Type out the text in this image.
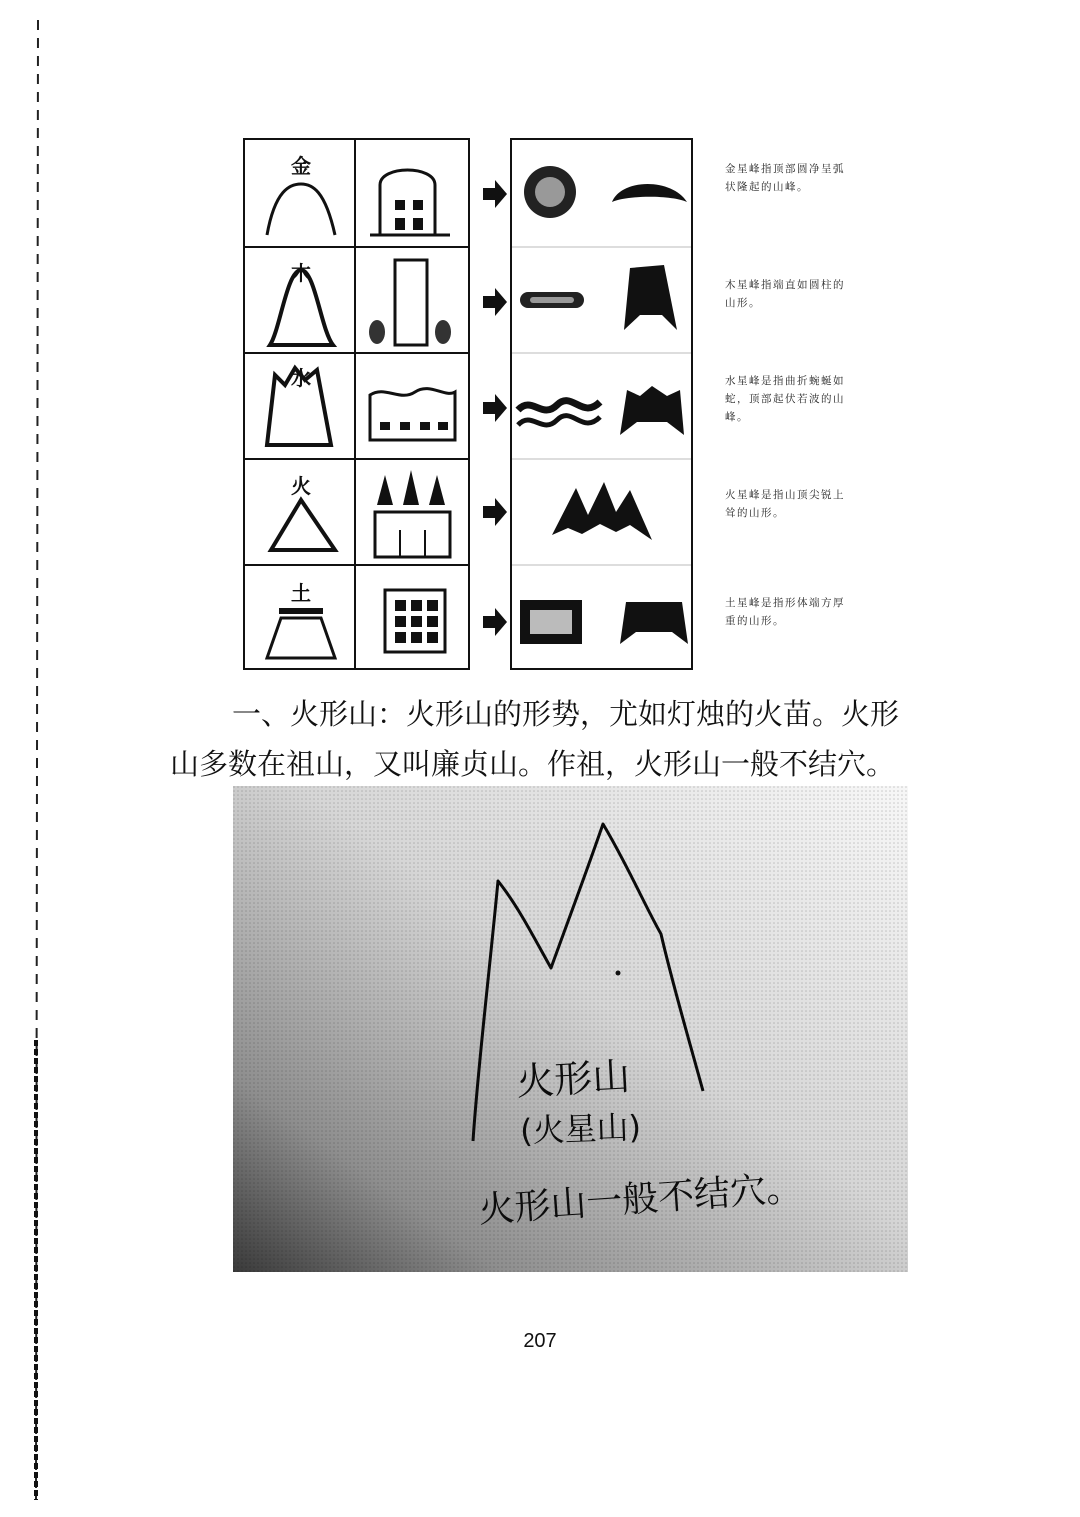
金
木
水
火
土
金星峰指顶部圆净呈弧状隆起的山峰。
木星峰指端直如圆柱的山形。
水星峰是指曲折蜿蜒如蛇，顶部起伏若波的山峰。
火星峰是指山顶尖锐上耸的山形。
土星峰是指形体端方厚重的山形。
一、火形山：火形山的形势，尤如灯烛的火苗。火形
山多数在祖山，又叫廉贞山。作祖，火形山一般不结穴。
火形山
(火星山)
火形山一般不结穴。
207
